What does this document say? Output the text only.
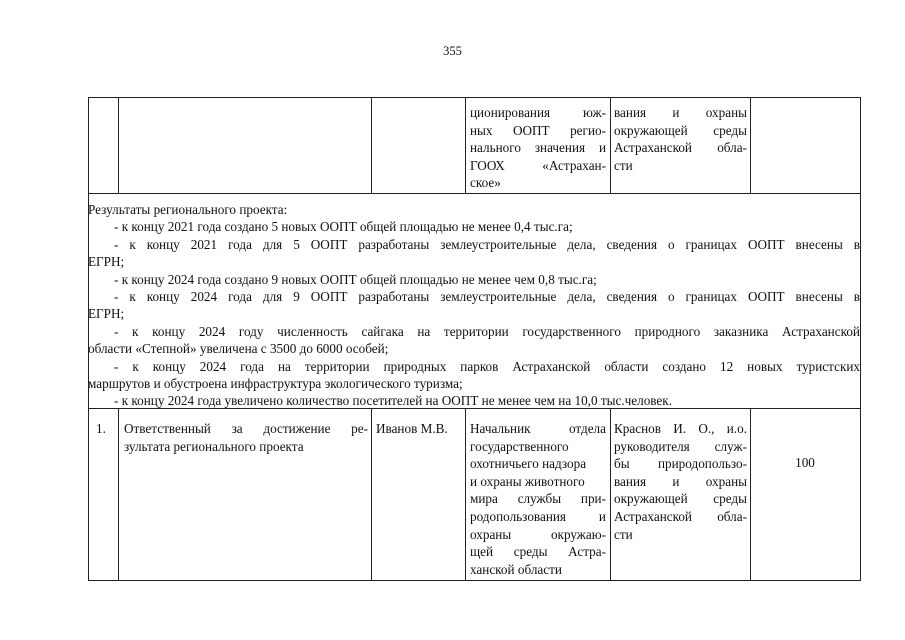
355
ционирования юж-
ных ООПТ регио-
нального значения и
ГООХ «Астрахан-
ское»
вания и охраны
окружающей среды
Астраханской обла-
сти
Результаты регионального проекта:
- к концу 2021 года создано 5 новых ООПТ общей площадью не менее 0,4 тыс.га;
- к концу 2021 года для 5 ООПТ разработаны землеустроительные дела, сведения о границах ООПТ внесены в
ЕГРН;
- к концу 2024 года создано 9 новых ООПТ общей площадью не менее чем 0,8 тыс.га;
- к концу 2024 года для 9 ООПТ разработаны землеустроительные дела, сведения о границах ООПТ внесены в
ЕГРН;
- к концу 2024 году численность сайгака на территории государственного природного заказника Астраханской
области «Степной» увеличена с 3500 до 6000 особей;
- к концу 2024 года на территории природных парков Астраханской области создано 12 новых туристских
маршрутов и обустроена инфраструктура экологического туризма;
- к концу 2024 года увеличено количество посетителей на ООПТ не менее чем на 10,0 тыс.человек.
1. Ответственный за достижение ре-
зультата регионального проекта
Иванов М.В. Начальник отдела
государственного
охотничьего надзора
и охраны животного
мира службы при-
родопользования и
охраны окружаю-
щей среды Астра-
ханской области
Краснов И. О., и.о.
руководителя служ-
бы природопользо-
вания и охраны
окружающей среды
Астраханской обла-
сти
100
